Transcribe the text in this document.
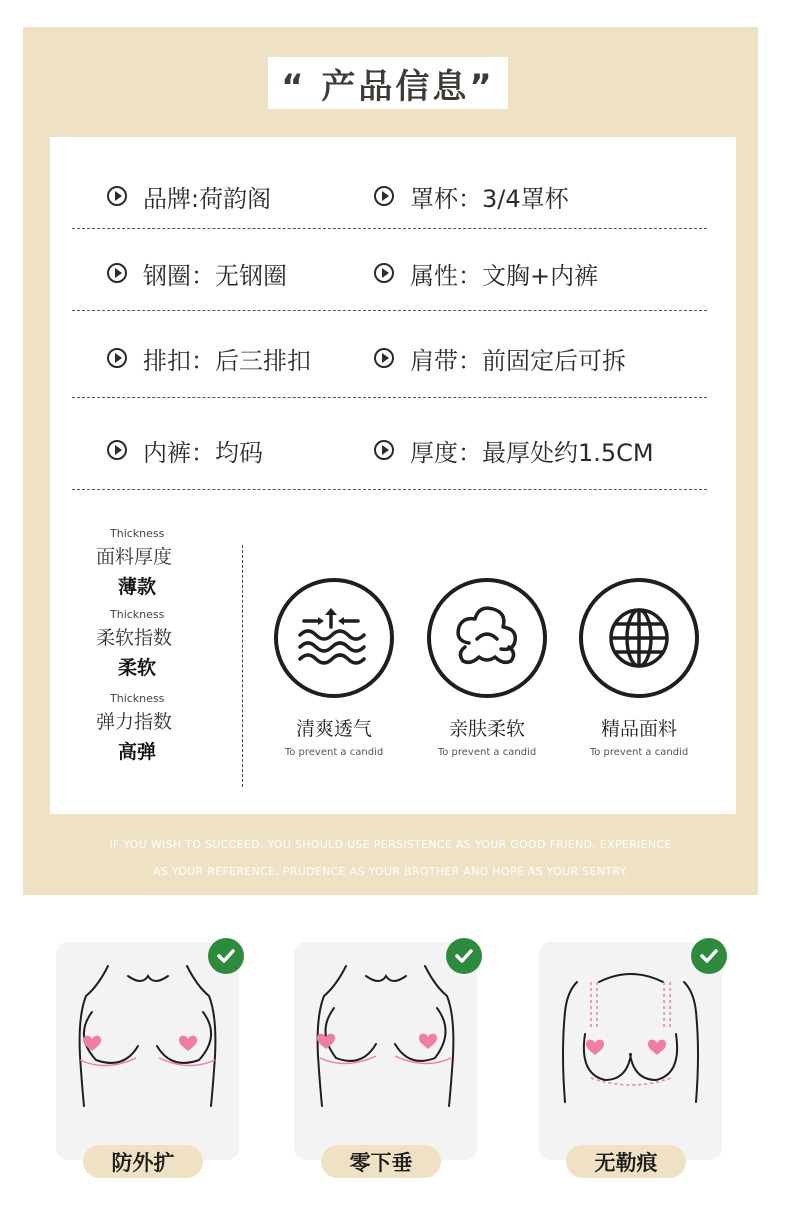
“ 产品信息”
品牌:荷韵阁	罩杯：3/4罩杯
钢圈：无钢圈	属性：文胸+内裤
排扣：后三排扣	肩带：前固定后可拆
内裤：均码	厚度：最厚处约1.5CM
Thickness
面料厚度
薄款
Thickness
柔软指数
柔软
Thickness
弹力指数
高弹
清爽透气
To prevent a candid
亲肤柔软
To prevent a candid
精品面料
To prevent a candid
IF YOU WISH TO SUCCEED, YOU SHOULD USE PERSISTENCE AS YOUR GOOD FRIEND, EXPERIENCE
AS YOUR REFERENCE, PRUDENCE AS YOUR BROTHER AND HOPE AS YOUR SENTRY.
防外扩	零下垂	无勒痕
